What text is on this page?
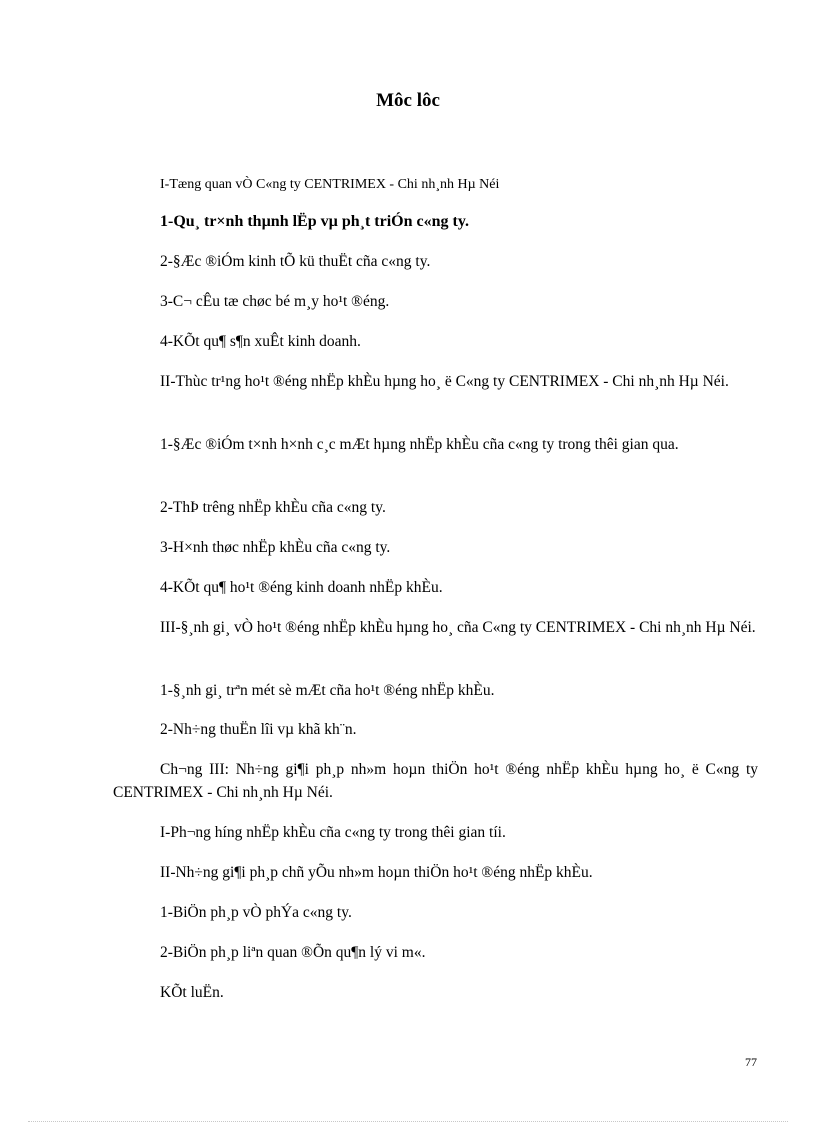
Môc lôc
I-Tæng quan vÒ C«ng ty CENTRIMEX - Chi nh¸nh Hµ Néi
1-Qu¸ tr×nh thµnh lËp vµ ph¸t triÓn c«ng ty.
2-§Æc ®iÓm kinh tÕ kü thuËt cña c«ng ty.
3-C¬ cÊu tæ chøc bé m¸y ho¹t ®éng.
4-KÕt qu¶ s¶n xuÊt kinh doanh.
II-Thùc tr¹ng ho¹t ®éng nhËp khÈu hµng ho¸ ë C«ng ty CENTRIMEX - Chi nh¸nh Hµ Néi.
1-§Æc ®iÓm t×nh h×nh c¸c mÆt hµng nhËp khÈu cña c«ng ty trong thêi gian qua.
2-ThÞ trêng nhËp khÈu cña c«ng ty.
3-H×nh thøc nhËp khÈu cña c«ng ty.
4-KÕt qu¶ ho¹t ®éng kinh doanh nhËp khÈu.
III-§¸nh gi¸ vÒ ho¹t ®éng nhËp khÈu hµng ho¸ cña C«ng ty CENTRIMEX - Chi nh¸nh Hµ Néi.
1-§¸nh gi¸ trªn mét sè mÆt cña ho¹t ®éng nhËp khÈu.
2-Nh÷ng thuËn lîi vµ khã kh¨n.
Ch¬ng III: Nh÷ng gi¶i ph¸p nh»m hoµn thiÖn ho¹t ®éng nhËp khÈu hµng ho¸ ë C«ng ty CENTRIMEX - Chi nh¸nh Hµ Néi.
I-Ph¬ng híng nhËp khÈu cña c«ng ty trong thêi gian tíi.
II-Nh÷ng gi¶i ph¸p chñ yÕu nh»m hoµn thiÖn ho¹t ®éng nhËp khÈu.
1-BiÖn ph¸p vÒ phÝa c«ng ty.
2-BiÖn ph¸p liªn quan ®Õn qu¶n lý vi m«.
KÕt luËn.
77
